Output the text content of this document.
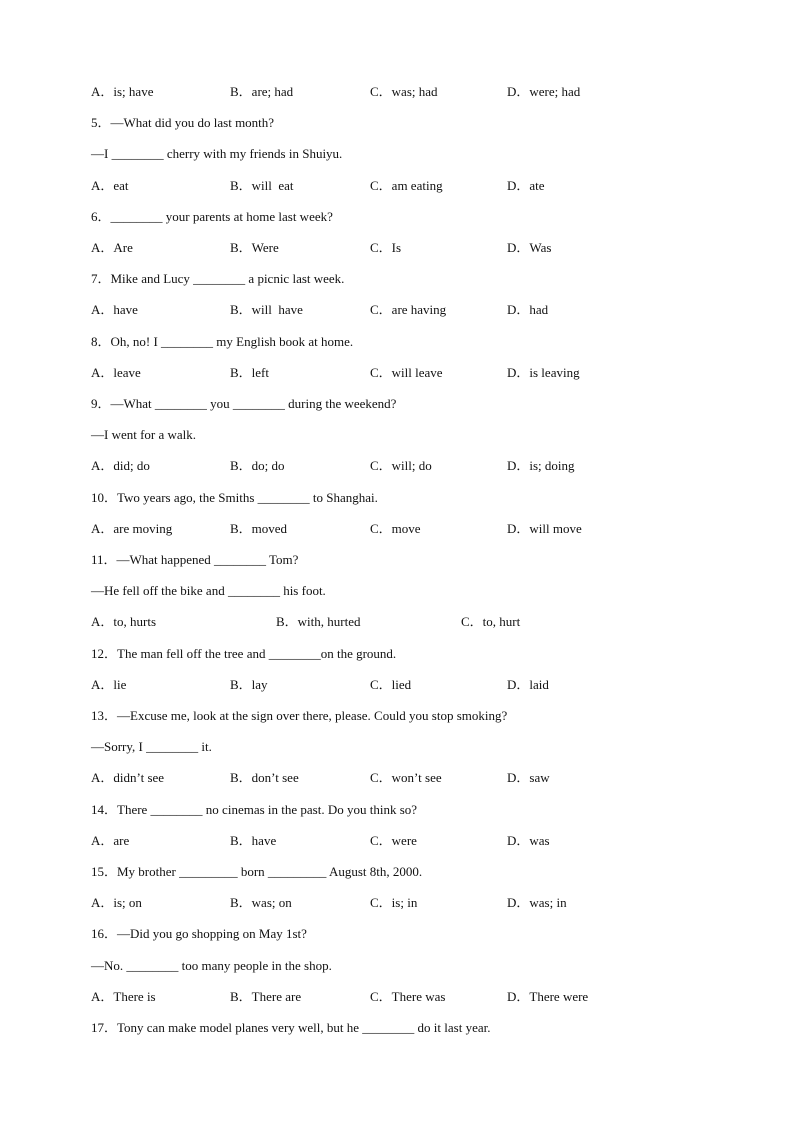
A．is; have	B．are; had	C．was; had	D．were; had
5．—What did you do last month?
—I ________ cherry with my friends in Shuiyu.
A．eat	B．will  eat	C．am eating	D．ate
6．________ your parents at home last week?
A．Are	B．Were	C．Is	D．Was
7．Mike and Lucy ________ a picnic last week.
A．have	B．will  have	C．are having	D．had
8．Oh, no! I ________ my English book at home.
A．leave	B．left	C．will leave	D．is leaving
9．—What ________ you ________ during the weekend?
—I went for a walk.
A．did; do	B．do; do	C．will; do	D．is; doing
10．Two years ago, the Smiths ________ to Shanghai.
A．are moving	B．moved	C．move	D．will move
11．—What happened ________ Tom?
—He fell off the bike and ________ his foot.
A．to, hurts	B．with, hurted	C．to, hurt
12．The man fell off the tree and ________on the ground.
A．lie	B．lay	C．lied	D．laid
13．—Excuse me, look at the sign over there, please. Could you stop smoking?
—Sorry, I ________ it.
A．didn’t see	B．don’t see	C．won’t see	D．saw
14．There ________ no cinemas in the past. Do you think so?
A．are	B．have	C．were	D．was
15．My brother _________ born _________ August 8th, 2000.
A．is; on	B．was; on	C．is; in	D．was; in
16．—Did you go shopping on May 1st?
—No. ________ too many people in the shop.
A．There is	B．There are	C．There was	D．There were
17．Tony can make model planes very well, but he ________ do it last year.
